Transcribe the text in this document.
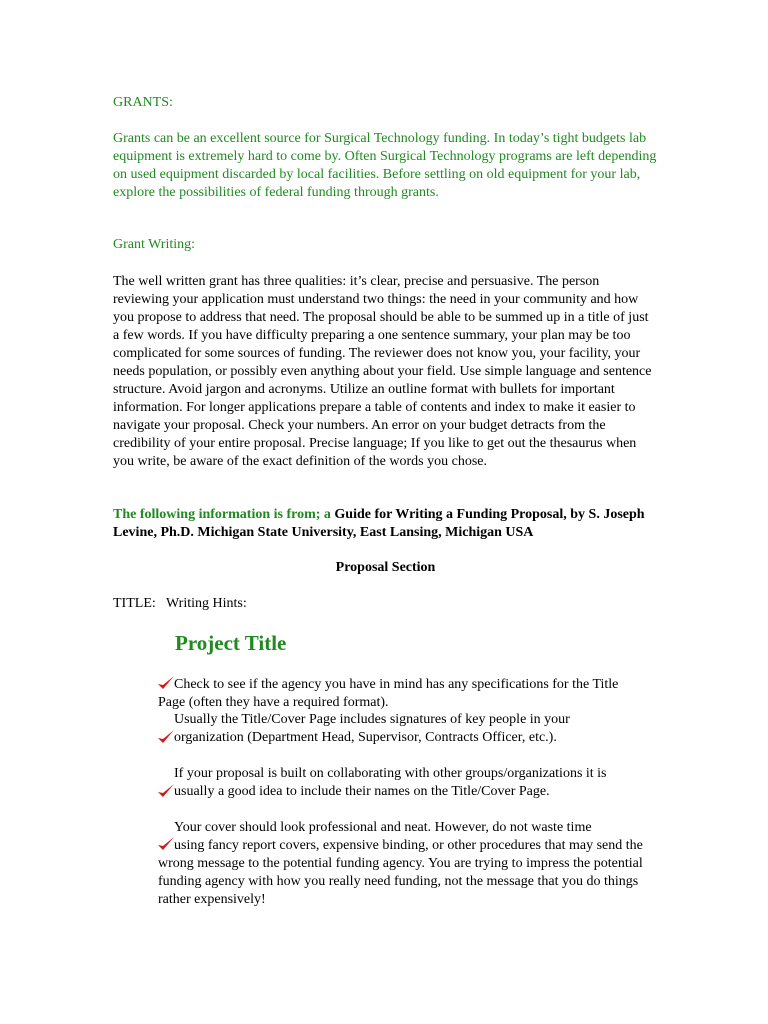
GRANTS:

Grants can be an excellent source for Surgical Technology funding. In today’s tight budgets lab equipment is extremely hard to come by. Often Surgical Technology programs are left depending on used equipment discarded by local facilities. Before settling on old equipment for your lab, explore the possibilities of federal funding through grants.

Grant Writing:

The well written grant has three qualities: it’s clear, precise and persuasive. The person reviewing your application must understand two things: the need in your community and how you propose to address that need. The proposal should be able to be summed up in a title of just a few words. If you have difficulty preparing a one sentence summary, your plan may be too complicated for some sources of funding. The reviewer does not know you, your facility, your needs population, or possibly even anything about your field. Use simple language and sentence structure. Avoid jargon and acronyms. Utilize an outline format with bullets for important information. For longer applications prepare a table of contents and index to make it easier to navigate your proposal. Check your numbers. An error on your budget detracts from the credibility of your entire proposal. Precise language; If you like to get out the thesaurus when you write, be aware of the exact definition of the words you chose.

The following information is from; a Guide for Writing a Funding Proposal, by S. Joseph Levine, Ph.D. Michigan State University, East Lansing, Michigan USA

Proposal Section

TITLE:   Writing Hints:

Project Title

Check to see if the agency you have in mind has any specifications for the Title
Page (often they have a required format).

Usually the Title/Cover Page includes signatures of key people in your
organization (Department Head, Supervisor, Contracts Officer, etc.).

If your proposal is built on collaborating with other groups/organizations it is
usually a good idea to include their names on the Title/Cover Page.

Your cover should look professional and neat. However, do not waste time
using fancy report covers, expensive binding, or other procedures that may send the wrong message to the potential funding agency. You are trying to impress the potential funding agency with how you really need funding, not the message that you do things rather expensively!
